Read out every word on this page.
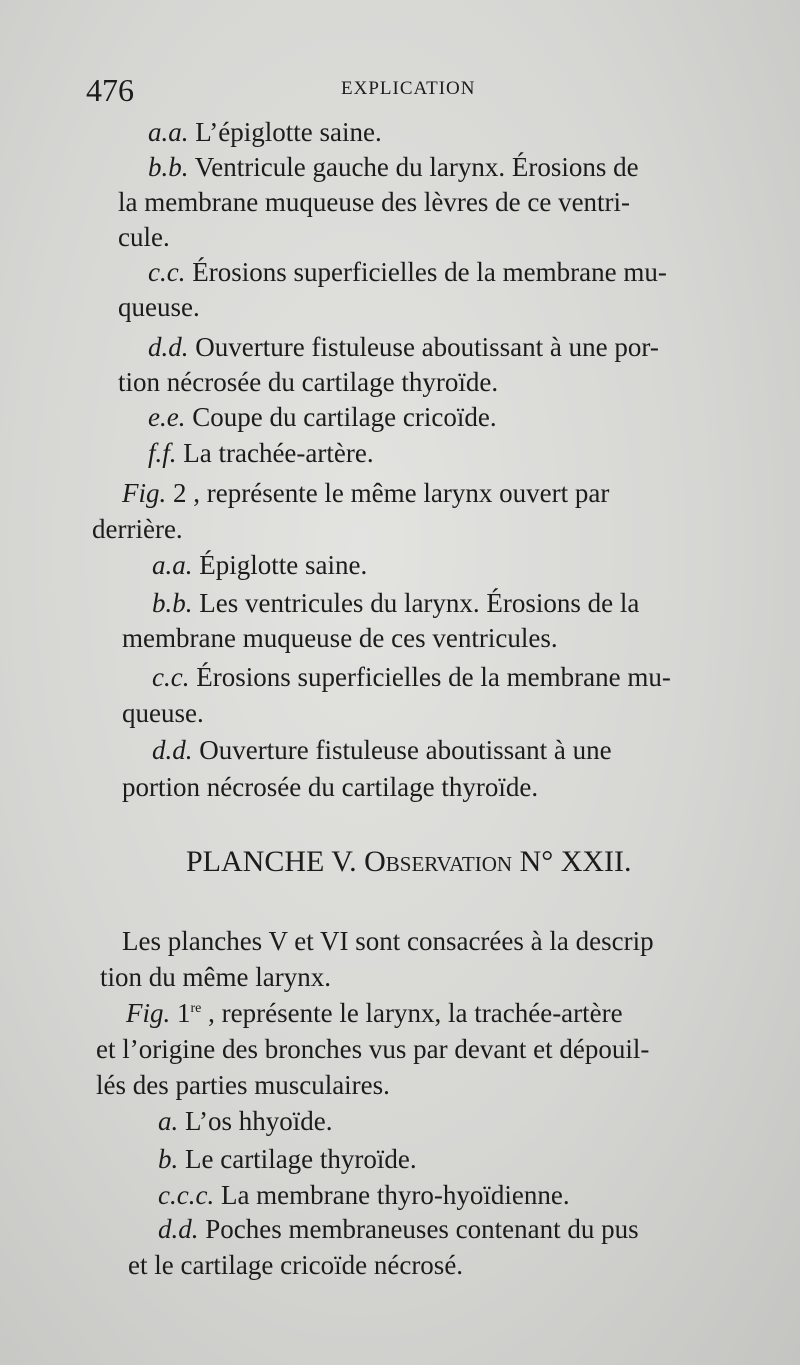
476	EXPLICATION
a.a. L’épiglotte saine.
b.b. Ventricule gauche du larynx. Érosions de
la membrane muqueuse des lèvres de ce ventri-
cule.
c.c. Érosions superficielles de la membrane mu-
queuse.
d.d. Ouverture fistuleuse aboutissant à une por-
tion nécrosée du cartilage thyroïde.
e.e. Coupe du cartilage cricoïde.
f.f. La trachée-artère.
Fig. 2 , représente le même larynx ouvert par
derrière.
a.a. Épiglotte saine.
b.b. Les ventricules du larynx. Érosions de la
membrane muqueuse de ces ventricules.
c.c. Érosions superficielles de la membrane mu-
queuse.
d.d. Ouverture fistuleuse aboutissant à une
portion nécrosée du cartilage thyroïde.
PLANCHE V. Observation N° XXII.
Les planches V et VI sont consacrées à la descrip
tion du même larynx.
Fig. 1re , représente le larynx, la trachée-artère
et l’origine des bronches vus par devant et dépouil-
lés des parties musculaires.
a. L’os hhyoïde.
b. Le cartilage thyroïde.
c.c.c. La membrane thyro-hyoïdienne.
d.d. Poches membraneuses contenant du pus
et le cartilage cricoïde nécrosé.
